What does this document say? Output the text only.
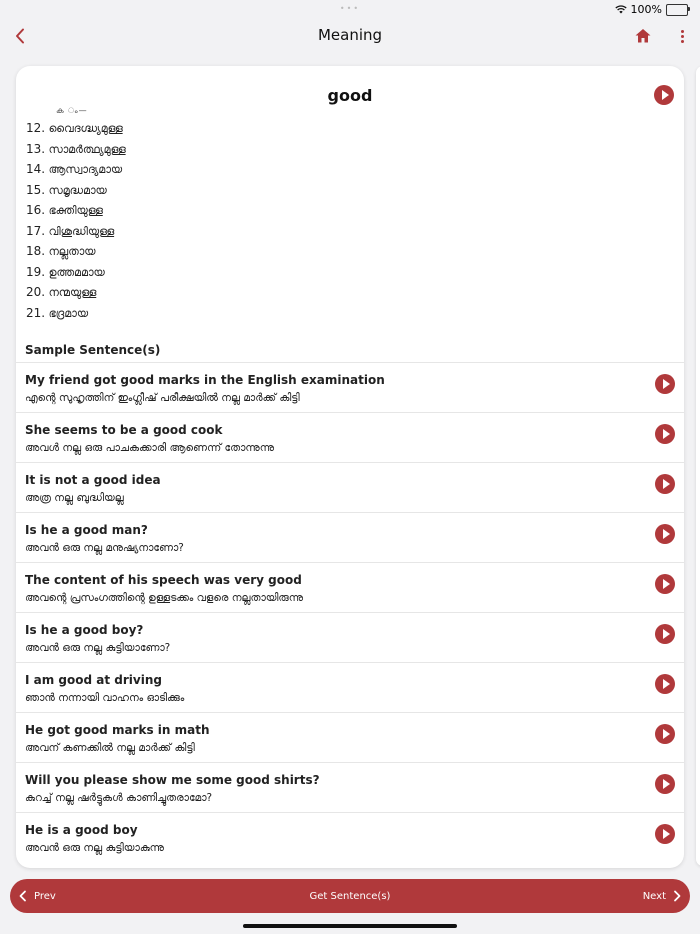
•••	100%
Meaning
good
ക ം—
12. വൈദഗ്ദ്ധ്യമുള്ള
13. സാമർത്ഥ്യമുള്ള
14. ആസ്വാദ്യമായ
15. സമൃദ്ധമായ
16. ഭക്തിയുള്ള
17. വിശുദ്ധിയുള്ള
18. നല്ലതായ
19. ഉത്തമമായ
20. നന്മയുള്ള
21. ഭദ്രമായ
Sample Sentence(s)
My friend got good marks in the English examination
എന്റെ സുഹൃത്തിന് ഇംഗ്ലീഷ് പരീക്ഷയിൽ നല്ല മാർക്ക് കിട്ടി
She seems to be a good cook
അവൾ നല്ല ഒരു പാചകക്കാരി ആണെന്ന് തോന്നുന്നു
It is not a good idea
അത്ര നല്ല ബുദ്ധിയല്ല
Is he a good man?
അവൻ ഒരു നല്ല മനുഷ്യനാണോ?
The content of his speech was very good
അവന്റെ പ്രസംഗത്തിന്റെ ഉള്ളടക്കം വളരെ നല്ലതായിരുന്നു
Is he a good boy?
അവൻ ഒരു നല്ല കുട്ടിയാണോ?
I am good at driving
ഞാൻ നന്നായി വാഹനം ഓടിക്കും
He got good marks in math
അവന് കണക്കിൽ നല്ല മാർക്ക് കിട്ടി
Will you please show me some good shirts?
കുറച്ച് നല്ല ഷർട്ടുകൾ കാണിച്ചുതരാമോ?
He is a good boy
അവൻ ഒരു നല്ല കുട്ടിയാകുന്നു
Prev	Get Sentence(s)	Next
